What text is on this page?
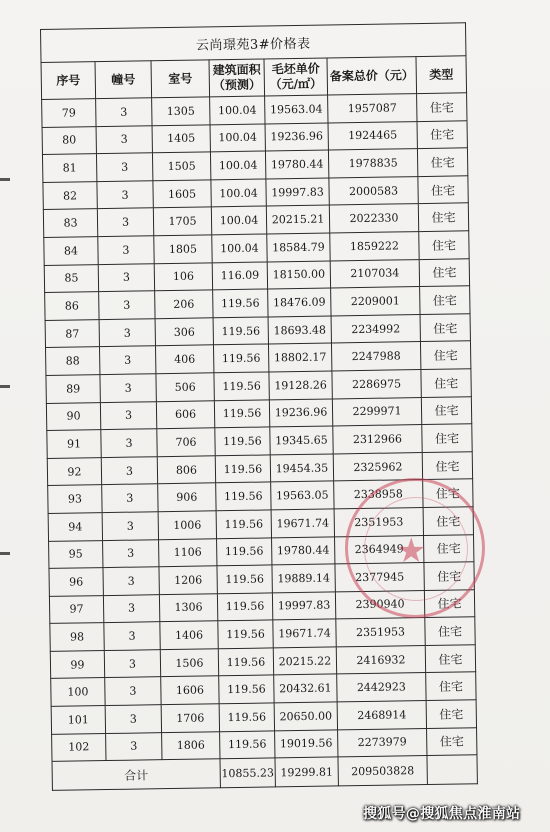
云尚璟苑3#价格表						
序号	幢号	室号	建筑面积（预测）	毛坯单价（元/㎡）	备案总价（元）	类型
79	3	1305	100.04	19563.04	1957087	住宅
80	3	1405	100.04	19236.96	1924465	住宅
81	3	1505	100.04	19780.44	1978835	住宅
82	3	1605	100.04	19997.83	2000583	住宅
83	3	1705	100.04	20215.21	2022330	住宅
84	3	1805	100.04	18584.79	1859222	住宅
85	3	106	116.09	18150.00	2107034	住宅
86	3	206	119.56	18476.09	2209001	住宅
87	3	306	119.56	18693.48	2234992	住宅
88	3	406	119.56	18802.17	2247988	住宅
89	3	506	119.56	19128.26	2286975	住宅
90	3	606	119.56	19236.96	2299971	住宅
91	3	706	119.56	19345.65	2312966	住宅
92	3	806	119.56	19454.35	2325962	住宅
93	3	906	119.56	19563.05	2338958	住宅
94	3	1006	119.56	19671.74	2351953	住宅
95	3	1106	119.56	19780.44	2364949	住宅
96	3	1206	119.56	19889.14	2377945	住宅
97	3	1306	119.56	19997.83	2390940	住宅
98	3	1406	119.56	19671.74	2351953	住宅
99	3	1506	119.56	20215.22	2416932	住宅
100	3	1606	119.56	20432.61	2442923	住宅
101	3	1706	119.56	20650.00	2468914	住宅
102	3	1806	119.56	19019.56	2273979	住宅
合计			10855.23	19299.81	209503828	
★
搜狐号@搜狐焦点淮南站
